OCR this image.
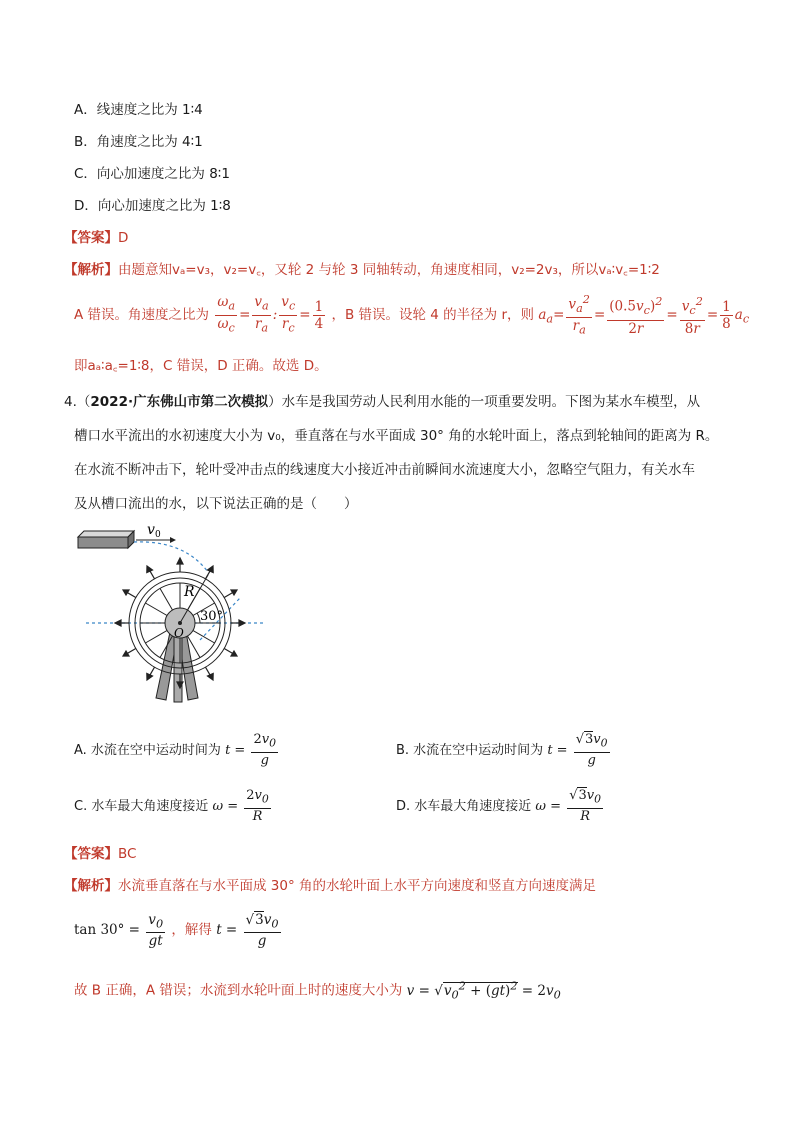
A．线速度之比为 1∶4
B．角速度之比为 4∶1
C．向心加速度之比为 8∶1
D．向心加速度之比为 1∶8
【答案】D
【解析】由题意知vₐ=v₃，v₂=v꜀，又轮 2 与轮 3 同轴转动，角速度相同，v₂=2v₃，所以vₐ∶v꜀=1∶2
A 错误。角速度之比为 $\frac{\omega_a}{\omega_c} = \frac{v_a}{r_a}$ : $\frac{v_c}{r_c} = \frac{1}{4}$ ，B 错误。设轮 4 的半径为 r，则 $a_a= \frac{v_a^2}{r_a} = \frac{(0.5v_c)^2}{2r} = \frac{v_c^2}{8r} = \frac{1}{8} a_c$
即aₐ∶a꜀=1∶8，C 错误，D 正确。故选 D。
4.（2022·广东佛山市第二次模拟）水车是我国劳动人民利用水能的一项重要发明。下图为某水车模型，从
槽口水平流出的水初速度大小为 v₀，垂直落在与水平面成 30° 角的水轮叶面上，落点到轮轴间的距离为 R。
在水流不断冲击下，轮叶受冲击点的线速度大小接近冲击前瞬间水流速度大小，忽略空气阻力，有关水车
及从槽口流出的水，以下说法正确的是（　　）
v 0
R
30°
O
A. 水流在空中运动时间为 $t = \frac{2v_0}{g}$	B. 水流在空中运动时间为 $t = \frac{√3v_0}{g}$
C. 水车最大角速度接近 $\omega = \frac{2v_0}{R}$	D. 水车最大角速度接近 $\omega = \frac{√3v_0}{R}$
【答案】BC
【解析】水流垂直落在与水平面成 30° 角的水轮叶面上水平方向速度和竖直方向速度满足
$\tan 30^\circ = \frac{v_0}{gt}$ ，解得 $t = \frac{√3v_0}{g}$
故 B 正确，A 错误；水流到水轮叶面上时的速度大小为 $v = √v_0^2 + (gt)^2 = 2v_0$
